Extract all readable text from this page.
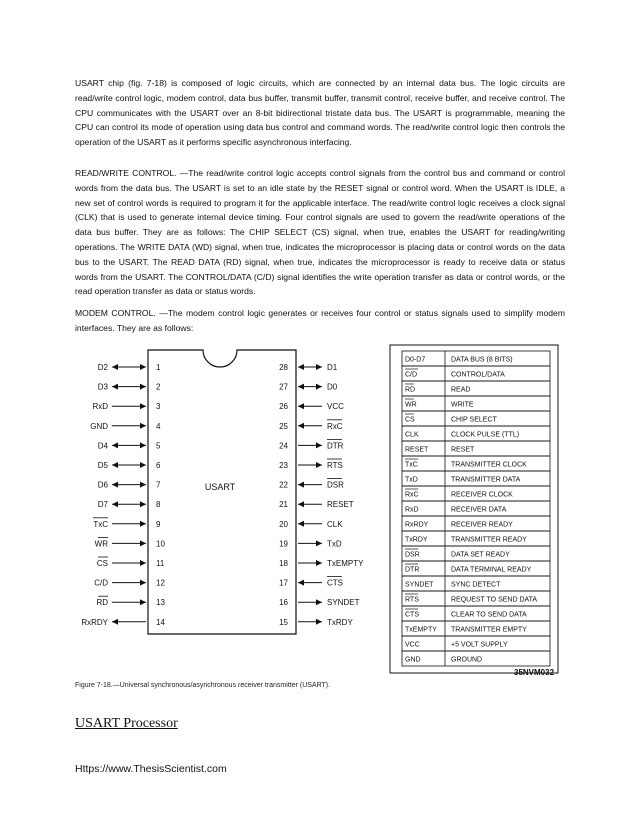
USART chip (fig. 7-18) is composed of logic circuits, which are connected by an internal data bus. The logic circuits are read/write control logic, modem control, data bus buffer, transmit buffer, transmit control, receive buffer, and receive control. The CPU communicates with the USART over an 8-bit bidirectional tristate data bus. The USART is programmable, meaning the CPU can control its mode of operation using data bus control and command words. The read/write control logic then controls the operation of the USART as it performs specific asynchronous interfacing.

READ/WRITE CONTROL. —The read/write control logic accepts control signals from the control bus and command or control words from the data bus. The USART is set to an idle state by the RESET signal or control word. When the USART is IDLE, a new set of control words is required to program it for the applicable interface. The read/write control logic receives a clock signal (CLK) that is used to generate internal device timing. Four control signals are used to govern the read/write operations of the data bus buffer. They are as follows: The CHIP SELECT (CS) signal, when true, enables the USART for reading/writing operations. The WRITE DATA (WD) signal, when true, indicates the microprocessor is placing data or control words on the data bus to the USART. The READ DATA (RD) signal, when true, indicates the microprocessor is ready to receive data or status words from the USART. The CONTROL/DATA (C/D) signal identifies the write operation transfer as data or control words, or the read operation transfer as data or status words.

MODEM CONTROL. —The modem control logic generates or receives four control or status signals used to simplify modem interfaces. They are as follows:

USART
D2	1
D3	2
RxD	3
GND	4
D4	5
D5	6
D6	7
D7	8
TxC	9
WR	10
CS	11
C/D	12
RD	13
RxRDY	14
28	D1
27	D0
26	VCC
25	RxC
24	DTR
23	RTS
22	DSR
21	RESET
20	CLK
19	TxD
18	TxEMPTY
17	CTS
16	SYNDET
15	TxRDY
D0-D7	DATA BUS (8 BITS)
C/D	CONTROL/DATA
RD	READ
WR	WRITE
CS	CHIP SELECT
CLK	CLOCK PULSE (TTL)
RESET	RESET
TxC	TRANSMITTER CLOCK
TxD	TRANSMITTER DATA
RxC	RECEIVER CLOCK
RxD	RECEIVER DATA
RxRDY	RECEIVER READY
TxRDY	TRANSMITTER READY
DSR	DATA SET READY
DTR	DATA TERMINAL READY
SYNDET	SYNC DETECT
RTS	REQUEST TO SEND DATA
CTS	CLEAR TO SEND DATA
TxEMPTY TRANSMITTER EMPTY
VCC	+5 VOLT SUPPLY
GND	GROUND
35NVM032
Figure 7-18.—Universal synchronous/asynchronous receiver transmitter (USART).
USART Processor
Https://www.ThesisScientist.com
